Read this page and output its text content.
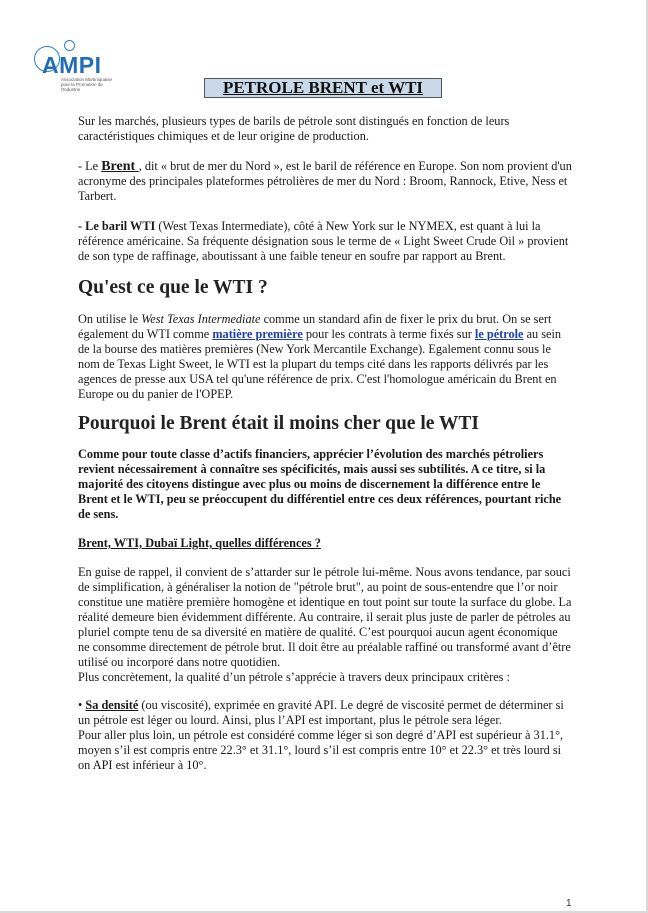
AMPI
Association Martiniquaise pour la Promotion de l'Industrie	PETROLE BRENT et WTI

Sur les marchés, plusieurs types de barils de pétrole sont distingués en fonction de leurs caractéristiques chimiques et de leur origine de production.

- Le Brent , dit « brut de mer du Nord », est le baril de référence en Europe. Son nom provient d'un acronyme des principales plateformes pétrolières de mer du Nord : Broom, Rannock, Etive, Ness et Tarbert.

- Le baril WTI (West Texas Intermediate), côté à New York sur le NYMEX, est quant à lui la référence américaine. Sa fréquente désignation sous le terme de « Light Sweet Crude Oil » provient de son type de raffinage, aboutissant à une faible teneur en soufre par rapport au Brent.

Qu'est ce que le WTI ?

On utilise le West Texas Intermediate comme un standard afin de fixer le prix du brut. On se sert également du WTI comme matière première pour les contrats à terme fixés sur le pétrole au sein de la bourse des matières premières (New York Mercantile Exchange). Egalement connu sous le nom de Texas Light Sweet, le WTI est la plupart du temps cité dans les rapports délivrés par les agences de presse aux USA tel qu'une référence de prix. C'est l'homologue américain du Brent en Europe ou du panier de l'OPEP.

Pourquoi le Brent était il moins cher que le WTI

Comme pour toute classe d’actifs financiers, apprécier l’évolution des marchés pétroliers revient nécessairement à connaître ses spécificités, mais aussi ses subtilités. A ce titre, si la majorité des citoyens distingue avec plus ou moins de discernement la différence entre le Brent et le WTI, peu se préoccupent du différentiel entre ces deux références, pourtant riche de sens.

Brent, WTI, Dubaï Light, quelles différences ?

En guise de rappel, il convient de s’attarder sur le pétrole lui-même. Nous avons tendance, par souci de simplification, à généraliser la notion de "pétrole brut", au point de sous-entendre que l’or noir constitue une matière première homogène et identique en tout point sur toute la surface du globe. La réalité demeure bien évidemment différente. Au contraire, il serait plus juste de parler de pétroles au pluriel compte tenu de sa diversité en matière de qualité. C’est pourquoi aucun agent économique ne consomme directement de pétrole brut. Il doit être au préalable raffiné ou transformé avant d’être utilisé ou incorporé dans notre quotidien.

Plus concrètement, la qualité d’un pétrole s’apprécie à travers deux principaux critères :

• Sa densité (ou viscosité), exprimée en gravité API. Le degré de viscosité permet de déterminer si un pétrole est léger ou lourd. Ainsi, plus l’API est important, plus le pétrole sera léger.

Pour aller plus loin, un pétrole est considéré comme léger si son degré d’API est supérieur à 31.1°, moyen s’il est compris entre 22.3° et 31.1°, lourd s’il est compris entre 10° et 22.3° et très lourd si on API est inférieur à 10°.

1
